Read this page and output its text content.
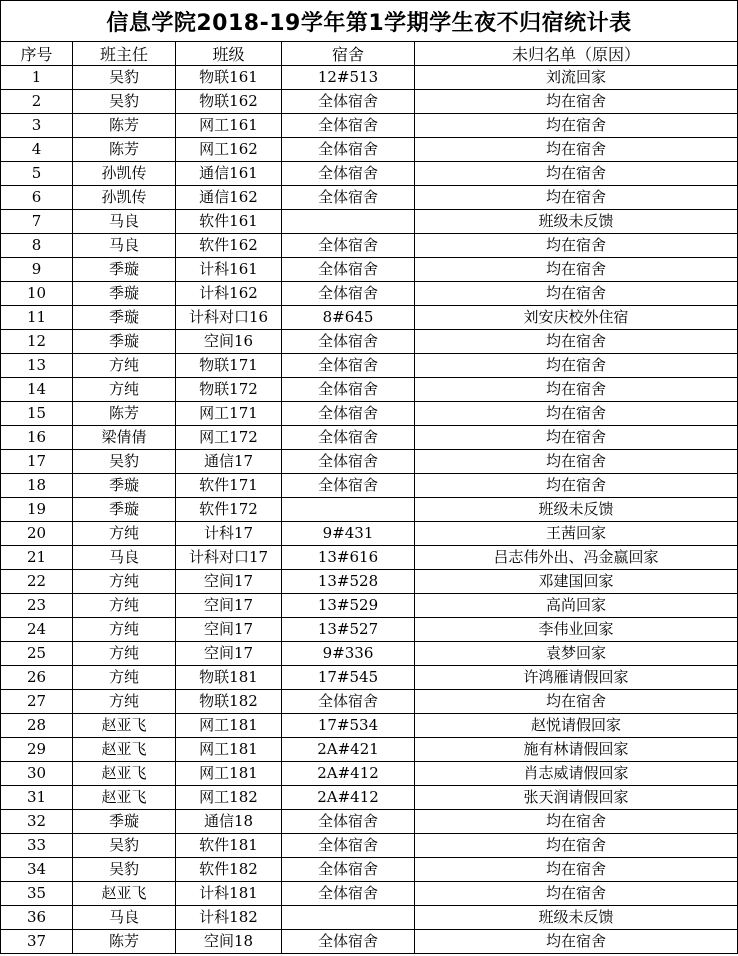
信息学院2018-19学年第1学期学生夜不归宿统计表				
序号	班主任	班级	宿舍	未归名单（原因）
1	吴豹	物联161	12#513	刘流回家
2	吴豹	物联162	全体宿舍	均在宿舍
3	陈芳	网工161	全体宿舍	均在宿舍
4	陈芳	网工162	全体宿舍	均在宿舍
5	孙凯传	通信161	全体宿舍	均在宿舍
6	孙凯传	通信162	全体宿舍	均在宿舍
7	马良	软件161		班级未反馈
8	马良	软件162	全体宿舍	均在宿舍
9	季璇	计科161	全体宿舍	均在宿舍
10	季璇	计科162	全体宿舍	均在宿舍
11	季璇	计科对口16	8#645	刘安庆校外住宿
12	季璇	空间16	全体宿舍	均在宿舍
13	方纯	物联171	全体宿舍	均在宿舍
14	方纯	物联172	全体宿舍	均在宿舍
15	陈芳	网工171	全体宿舍	均在宿舍
16	梁倩倩	网工172	全体宿舍	均在宿舍
17	吴豹	通信17	全体宿舍	均在宿舍
18	季璇	软件171	全体宿舍	均在宿舍
19	季璇	软件172		班级未反馈
20	方纯	计科17	9#431	王茜回家
21	马良	计科对口17	13#616	吕志伟外出、冯金嬴回家
22	方纯	空间17	13#528	邓建国回家
23	方纯	空间17	13#529	高尚回家
24	方纯	空间17	13#527	李伟业回家
25	方纯	空间17	9#336	袁梦回家
26	方纯	物联181	17#545	许鸿雁请假回家
27	方纯	物联182	全体宿舍	均在宿舍
28	赵亚飞	网工181	17#534	赵悦请假回家
29	赵亚飞	网工181	2A#421	施有林请假回家
30	赵亚飞	网工181	2A#412	肖志威请假回家
31	赵亚飞	网工182	2A#412	张天润请假回家
32	季璇	通信18	全体宿舍	均在宿舍
33	吴豹	软件181	全体宿舍	均在宿舍
34	吴豹	软件182	全体宿舍	均在宿舍
35	赵亚飞	计科181	全体宿舍	均在宿舍
36	马良	计科182		班级未反馈
37	陈芳	空间18	全体宿舍	均在宿舍
